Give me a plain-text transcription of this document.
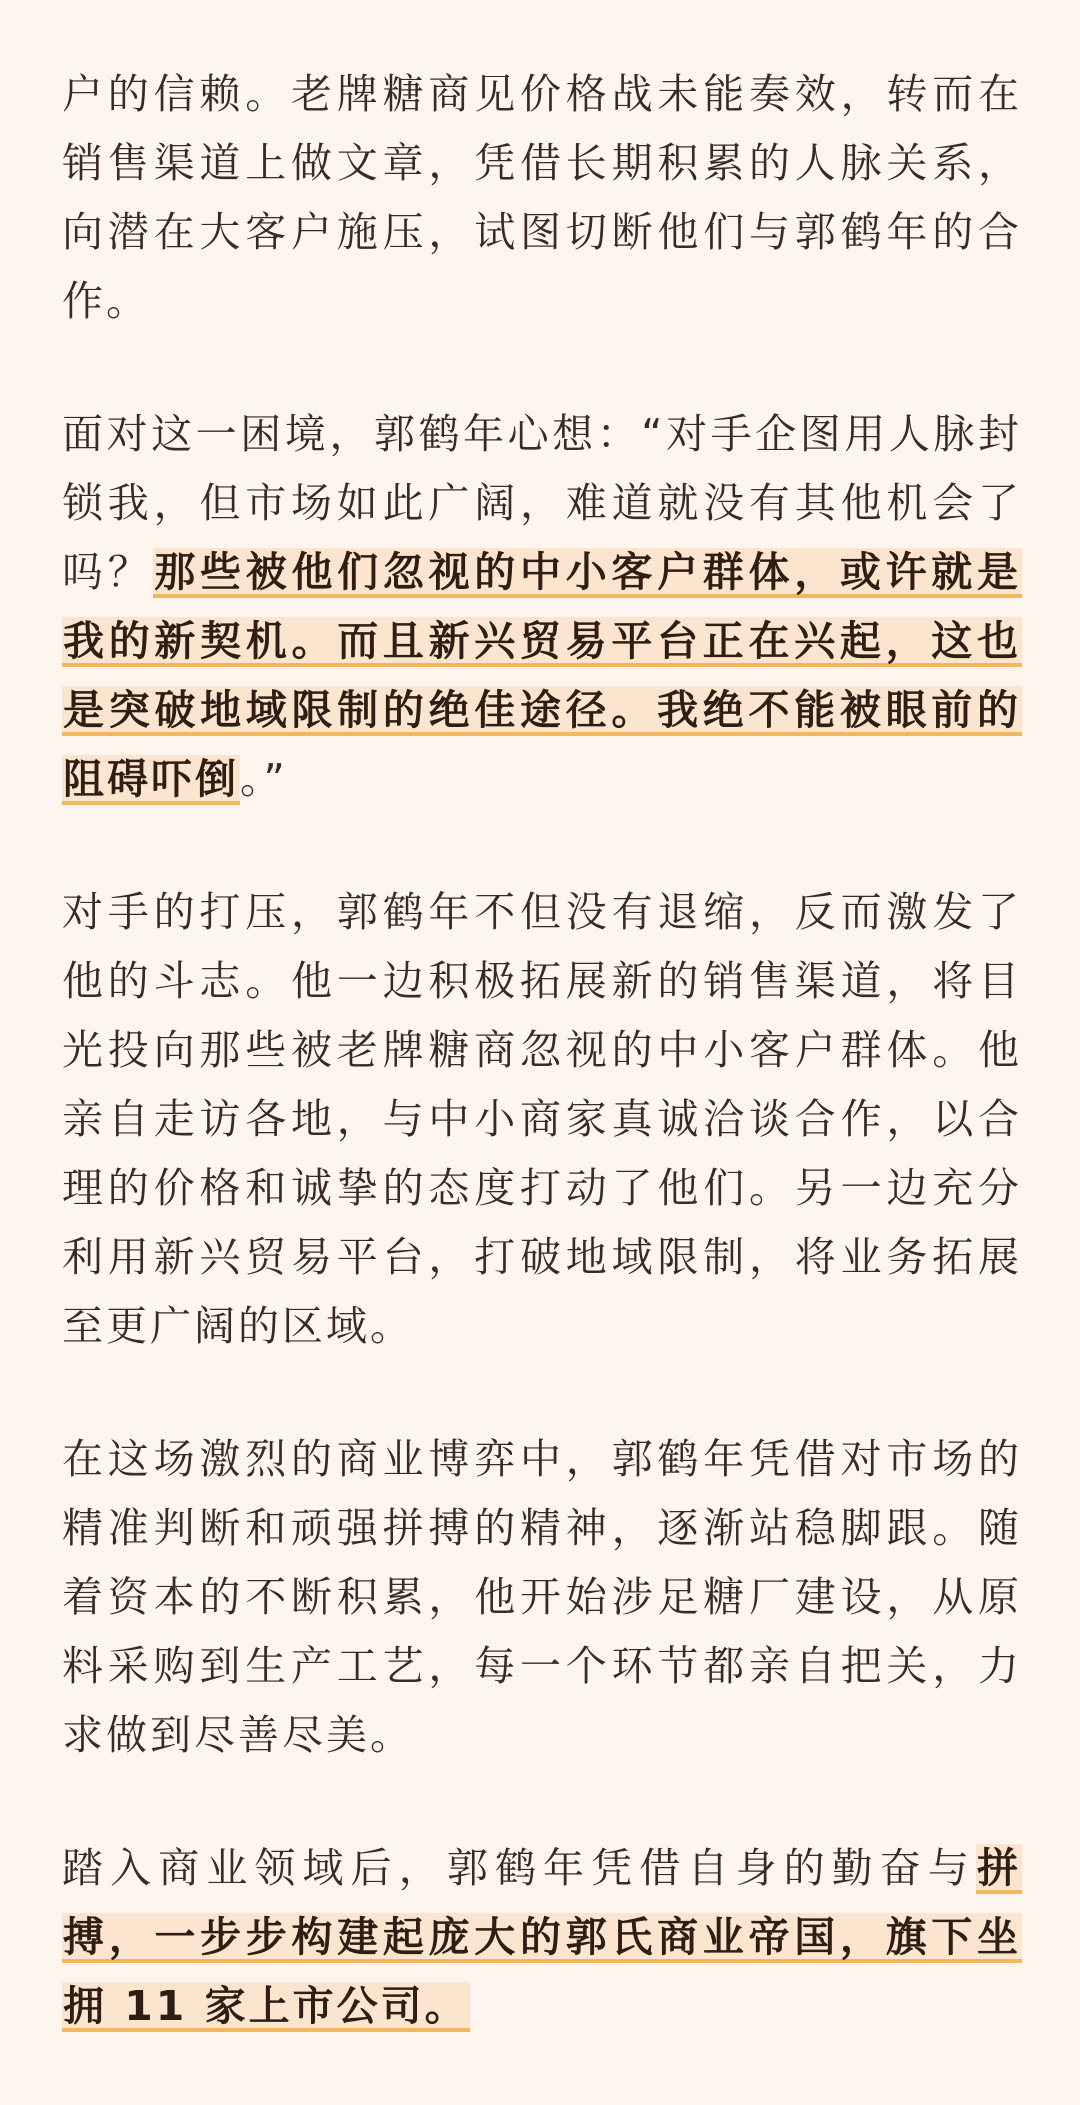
户的信赖。老牌糖商见价格战未能奏效，转而在销售渠道上做文章，凭借长期积累的人脉关系，向潜在大客户施压，试图切断他们与郭鹤年的合作。

面对这一困境，郭鹤年心想：“对手企图用人脉封锁我，但市场如此广阔，难道就没有其他机会了吗？那些被他们忽视的中小客户群体，或许就是我的新契机。而且新兴贸易平台正在兴起，这也是突破地域限制的绝佳途径。我绝不能被眼前的阻碍吓倒。”

对手的打压，郭鹤年不但没有退缩，反而激发了他的斗志。他一边积极拓展新的销售渠道，将目光投向那些被老牌糖商忽视的中小客户群体。他亲自走访各地，与中小商家真诚洽谈合作，以合理的价格和诚挚的态度打动了他们。另一边充分利用新兴贸易平台，打破地域限制，将业务拓展至更广阔的区域。

在这场激烈的商业博弈中，郭鹤年凭借对市场的精准判断和顽强拼搏的精神，逐渐站稳脚跟。随着资本的不断积累，他开始涉足糖厂建设，从原料采购到生产工艺，每一个环节都亲自把关，力求做到尽善尽美。

踏入商业领域后，郭鹤年凭借自身的勤奋与拼搏，一步步构建起庞大的郭氏商业帝国，旗下坐拥 11 家上市公司。
